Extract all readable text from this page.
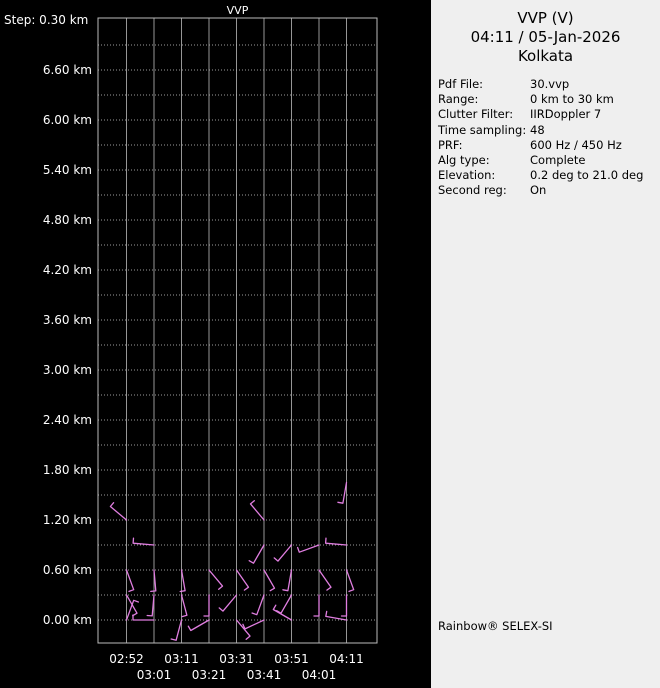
0.00 km
0.60 km
1.20 km
1.80 km
2.40 km
3.00 km
3.60 km
4.20 km
4.80 km
5.40 km
6.00 km
6.60 km
Step: 0.30 km
VVP
02:52 03:11 03:31 03:51 04:11
03:01 03:21 03:41 04:01
VVP (V)
04:11 / 05-Jan-2026
Kolkata
Pdf File:	30.vvp
Range:	0 km to 30 km
Clutter Filter:	IIRDoppler 7
Time sampling: 48
PRF:	600 Hz / 450 Hz
Alg type:	Complete
Elevation:	0.2 deg to 21.0 deg
Second reg:	On
Rainbow® SELEX-SI
